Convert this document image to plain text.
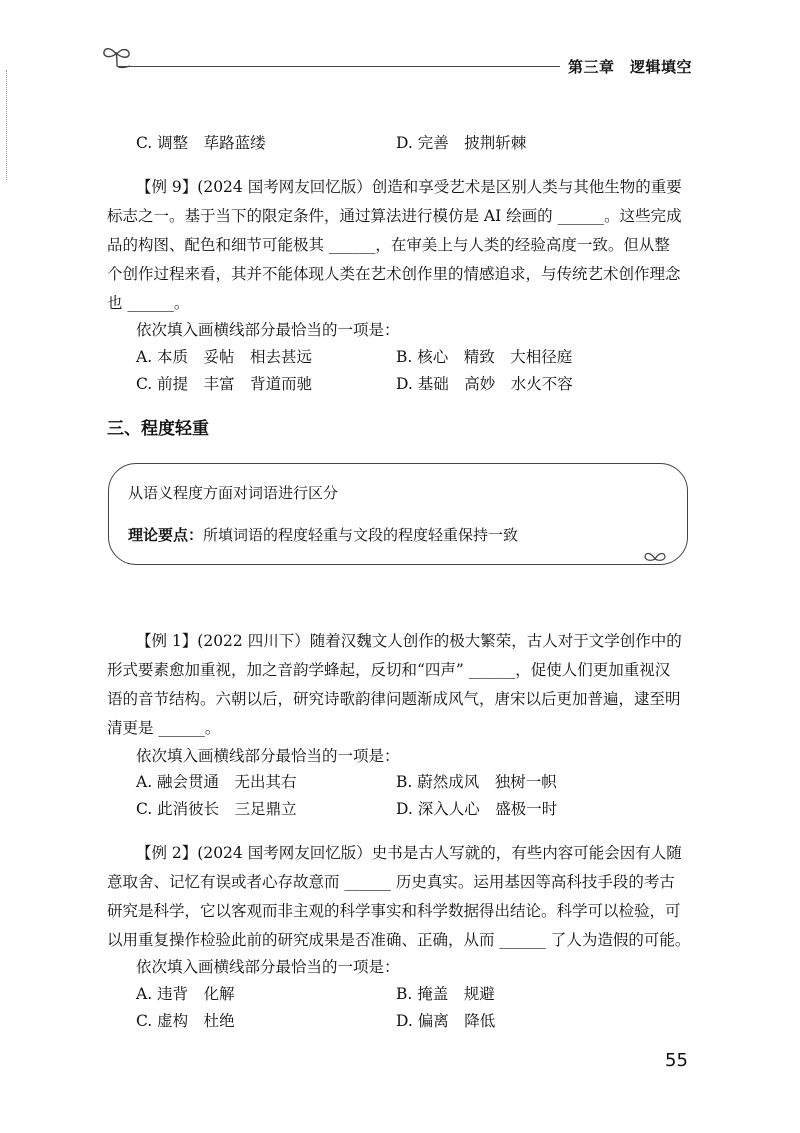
第三章　逻辑填空
C. 调整　荜路蓝缕	D. 完善　披荆斩棘
【例 9】(2024 国考网友回忆版）创造和享受艺术是区别人类与其他生物的重要
标志之一。基于当下的限定条件，通过算法进行模仿是 AI 绘画的 ______。这些完成
品的构图、配色和细节可能极其 ______，在审美上与人类的经验高度一致。但从整
个创作过程来看，其并不能体现人类在艺术创作里的情感追求，与传统艺术创作理念
也 ______。
依次填入画横线部分最恰当的一项是：
A. 本质　妥帖　相去甚远	B. 核心　精致　大相径庭
C. 前提　丰富　背道而驰	D. 基础　高妙　水火不容
三、程度轻重
从语义程度方面对词语进行区分
理论要点：所填词语的程度轻重与文段的程度轻重保持一致
【例 1】(2022 四川下）随着汉魏文人创作的极大繁荣，古人对于文学创作中的
形式要素愈加重视，加之音韵学蜂起，反切和“四声” ______，促使人们更加重视汉
语的音节结构。六朝以后，研究诗歌韵律问题渐成风气，唐宋以后更加普遍，逮至明
清更是 ______。
依次填入画横线部分最恰当的一项是：
A. 融会贯通　无出其右	B. 蔚然成风　独树一帜
C. 此消彼长　三足鼎立	D. 深入人心　盛极一时
【例 2】(2024 国考网友回忆版）史书是古人写就的，有些内容可能会因有人随
意取舍、记忆有误或者心存故意而 ______ 历史真实。运用基因等高科技手段的考古
研究是科学，它以客观而非主观的科学事实和科学数据得出结论。科学可以检验，可
以用重复操作检验此前的研究成果是否准确、正确，从而 ______ 了人为造假的可能。
依次填入画横线部分最恰当的一项是：
A. 违背　化解	B. 掩盖　规避
C. 虚构　杜绝	D. 偏离　降低
55
